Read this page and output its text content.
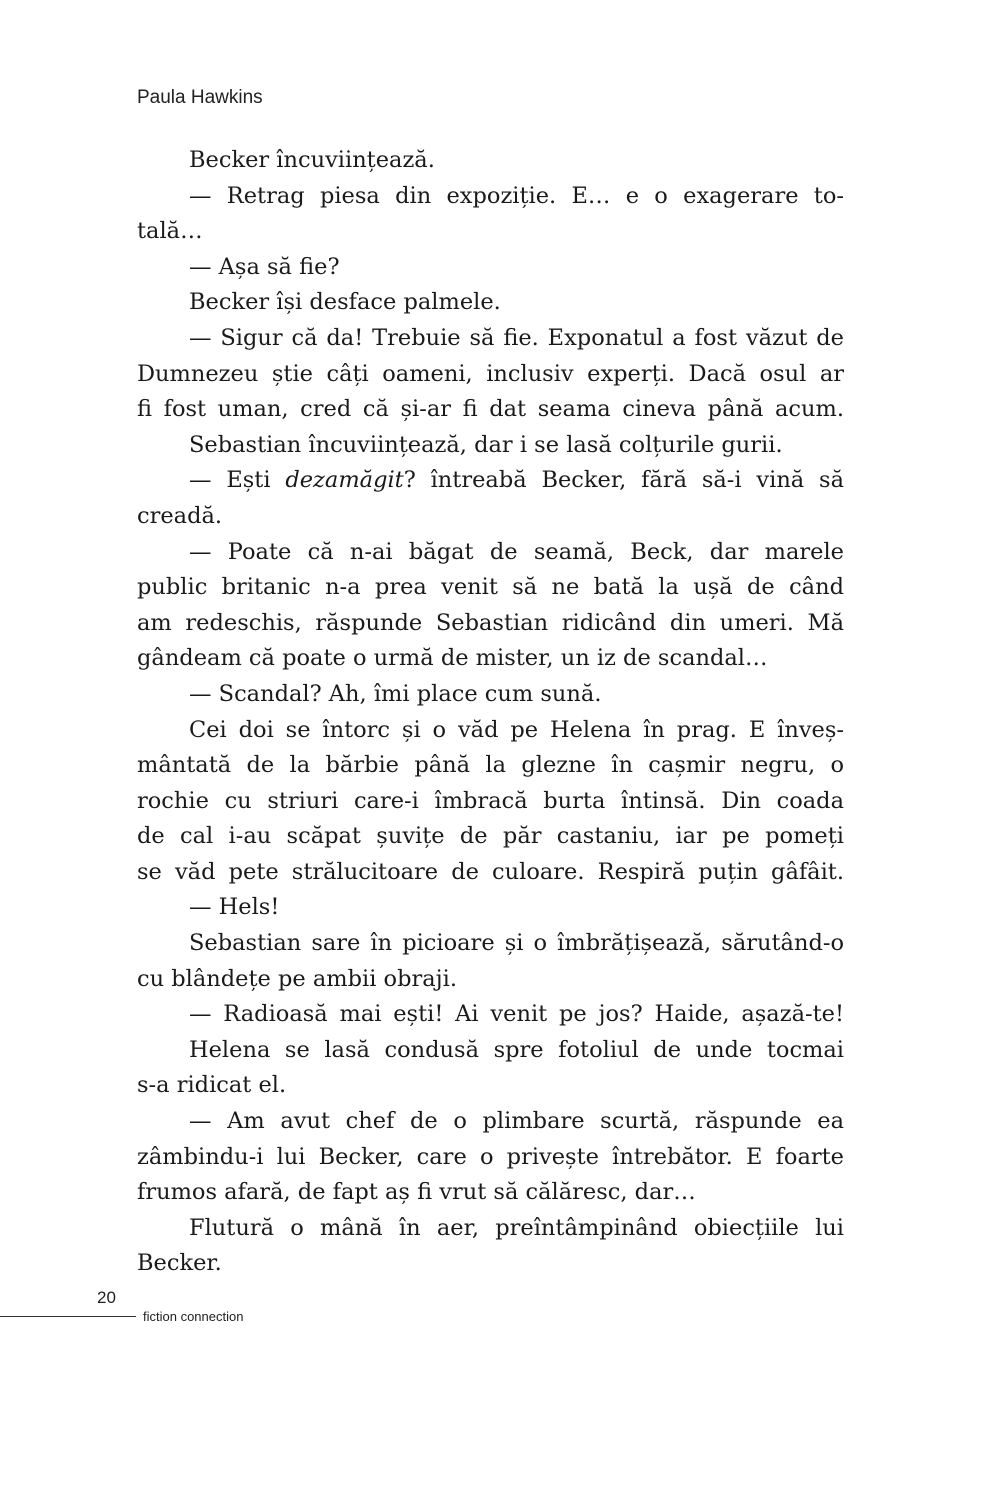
Paula Hawkins
Becker încuviințează.
— Retrag piesa din expoziție. E… e o exagerare to-
tală…
— Așa să fie?
Becker își desface palmele.
— Sigur că da! Trebuie să fie. Exponatul a fost văzut de
Dumnezeu știe câți oameni, inclusiv experți. Dacă osul ar
fi fost uman, cred că și-ar fi dat seama cineva până acum.
Sebastian încuviințează, dar i se lasă colțurile gurii.
— Ești dezamăgit? întreabă Becker, fără să-i vină să
creadă.
— Poate că n-ai băgat de seamă, Beck, dar marele
public britanic n-a prea venit să ne bată la ușă de când
am redeschis, răspunde Sebastian ridicând din umeri. Mă
gândeam că poate o urmă de mister, un iz de scandal…
— Scandal? Ah, îmi place cum sună.
Cei doi se întorc și o văd pe Helena în prag. E înveș-
mântată de la bărbie până la glezne în cașmir negru, o
rochie cu striuri care-i îmbracă burta întinsă. Din coada
de cal i-au scăpat șuvițe de păr castaniu, iar pe pomeți
se văd pete strălucitoare de culoare. Respiră puțin gâfâit.
— Hels!
Sebastian sare în picioare și o îmbrățișează, sărutând-o
cu blândețe pe ambii obraji.
— Radioasă mai ești! Ai venit pe jos? Haide, așază-te!
Helena se lasă condusă spre fotoliul de unde tocmai
s-a ridicat el.
— Am avut chef de o plimbare scurtă, răspunde ea
zâmbindu-i lui Becker, care o privește întrebător. E foarte
frumos afară, de fapt aș fi vrut să călăresc, dar…
Flutură o mână în aer, preîntâmpinând obiecțiile lui
Becker.
20
fiction connection
